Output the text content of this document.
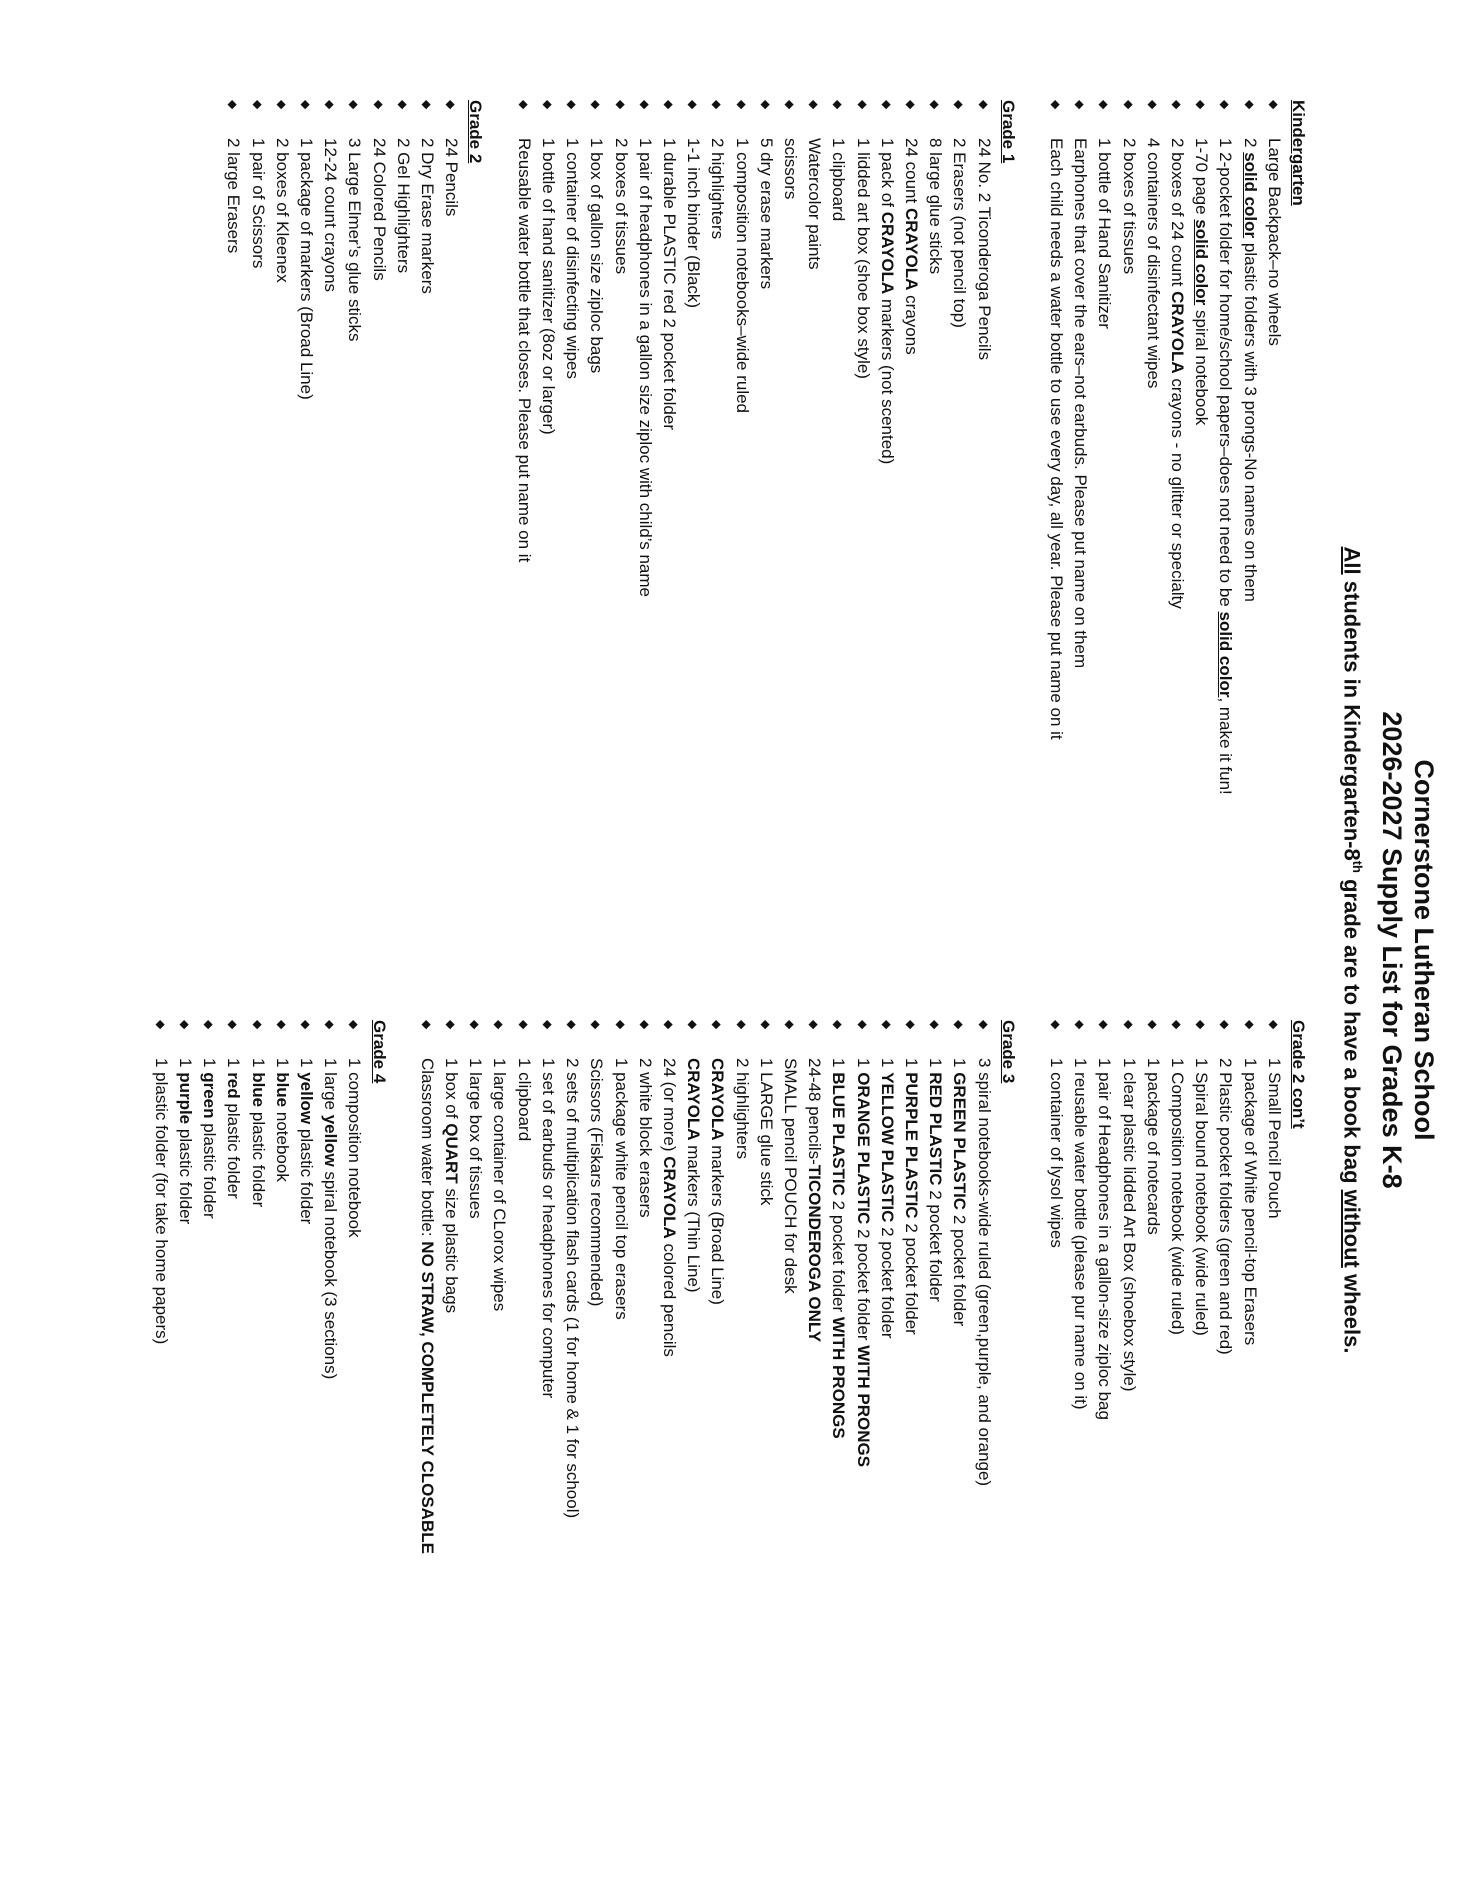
Cornerstone Lutheran School
2026-2027 Supply List for Grades K-8
All students in Kindergarten-8th grade are to have a book bag without wheels.
Kindergarten
◆ Large Backpack–no wheels
◆ 2 solid color plastic folders with 3 prongs-No names on them
◆ 1 2-pocket folder for home/school papers–does not need to be solid color, make it fun!
◆ 1-70 page solid color spiral notebook
◆ 2 boxes of 24 count CRAYOLA crayons - no glitter or specialty
◆ 4 containers of disinfectant wipes
◆ 2 boxes of tissues
◆ 1 bottle of Hand Sanitizer
◆ Earphones that cover the ears–not earbuds. Please put name on them
◆ Each child needs a water bottle to use every day, all year. Please put name on it
Grade 1
◆ 24 No. 2 Ticonderoga Pencils
◆ 2 Erasers (not pencil top)
◆ 8 large glue sticks
◆ 24 count CRAYOLA crayons
◆ 1 pack of CRAYOLA markers (not scented)
◆ 1 lidded art box (shoe box style)
◆ 1 clipboard
◆ Watercolor paints
◆ scissors
◆ 5 dry erase markers
◆ 1 composition notebooks–wide ruled
◆ 2 highlighters
◆ 1-1 inch binder (Black)
◆ 1 durable PLASTIC red 2 pocket folder
◆ 1 pair of headphones in a gallon size ziploc with child’s name
◆ 2 boxes of tissues
◆ 1 box of gallon size ziploc bags
◆ 1 container of disinfecting wipes
◆ 1 bottle of hand sanitizer (8oz or larger)
◆ Reusable water bottle that closes. Please put name on it
Grade 2
◆ 24 Pencils
◆ 2 Dry Erase markers
◆ 2 Gel Highlighters
◆ 24 Colored Pencils
◆ 3 Large Elmer’s glue sticks
◆ 12-24 count crayons
◆ 1 package of markers (Broad Line)
◆ 2 boxes of Kleenex
◆ 1 pair of Scissors
◆ 2 large Erasers
Grade 2 con’t
◆ 1 Small Pencil Pouch
◆ 1 package of White pencil-top Erasers
◆ 2 Plastic pocket folders (green and red)
◆ 1 Spiral bound notebook (wide ruled)
◆ 1 Composition notebook (wide ruled)
◆ 1 package of notecards
◆ 1 clear plastic lidded Art Box (shoebox style)
◆ 1 pair of Headphones in a gallon-size ziploc bag
◆ 1 reusable water bottle (please pur name on it)
◆ 1 container of lysol wipes
Grade 3
◆ 3 spiral notebooks-wide ruled (green,purple, and orange)
◆ 1 GREEN PLASTIC 2 pocket folder
◆ 1 RED PLASTIC 2 pocket folder
◆ 1 PURPLE PLASTIC 2 pocket folder
◆ 1 YELLOW PLASTIC 2 pocket folder
◆ 1 ORANGE PLASTIC 2 pocket folder WITH PRONGS
◆ 1 BLUE PLASTIC 2 pocket folder WITH PRONGS
◆ 24-48 pencils-TICONDEROGA ONLY
◆ SMALL pencil POUCH for desk
◆ 1 LARGE glue stick
◆ 2 highlighters
◆ CRAYOLA markers (Broad Line)
◆ CRAYOLA markers (Thin Line)
◆ 24 (or more) CRAYOLA colored pencils
◆ 2 white block erasers
◆ 1 package white pencil top erasers
◆ Scissors (Fiskars recommended)
◆ 2 sets of multiplication flash cards (1 for home & 1 for school)
◆ 1 set of earbuds or headphones for computer
◆ 1 clipboard
◆ 1 large container of CLorox wipes
◆ 1 large box of tissues
◆ 1 box of QUART size plastic bags
◆ Classroom water bottle: NO STRAW, COMPLETELY CLOSABLE
Grade 4
◆ 1 composition notebook
◆ 1 large yellow spiral notebook (3 sections)
◆ 1 yellow plastic folder
◆ 1 blue notebook
◆ 1 blue plastic folder
◆ 1 red plastic folder
◆ 1 green plastic folder
◆ 1 purple plastic folder
◆ 1 plastic folder (for take home papers)
